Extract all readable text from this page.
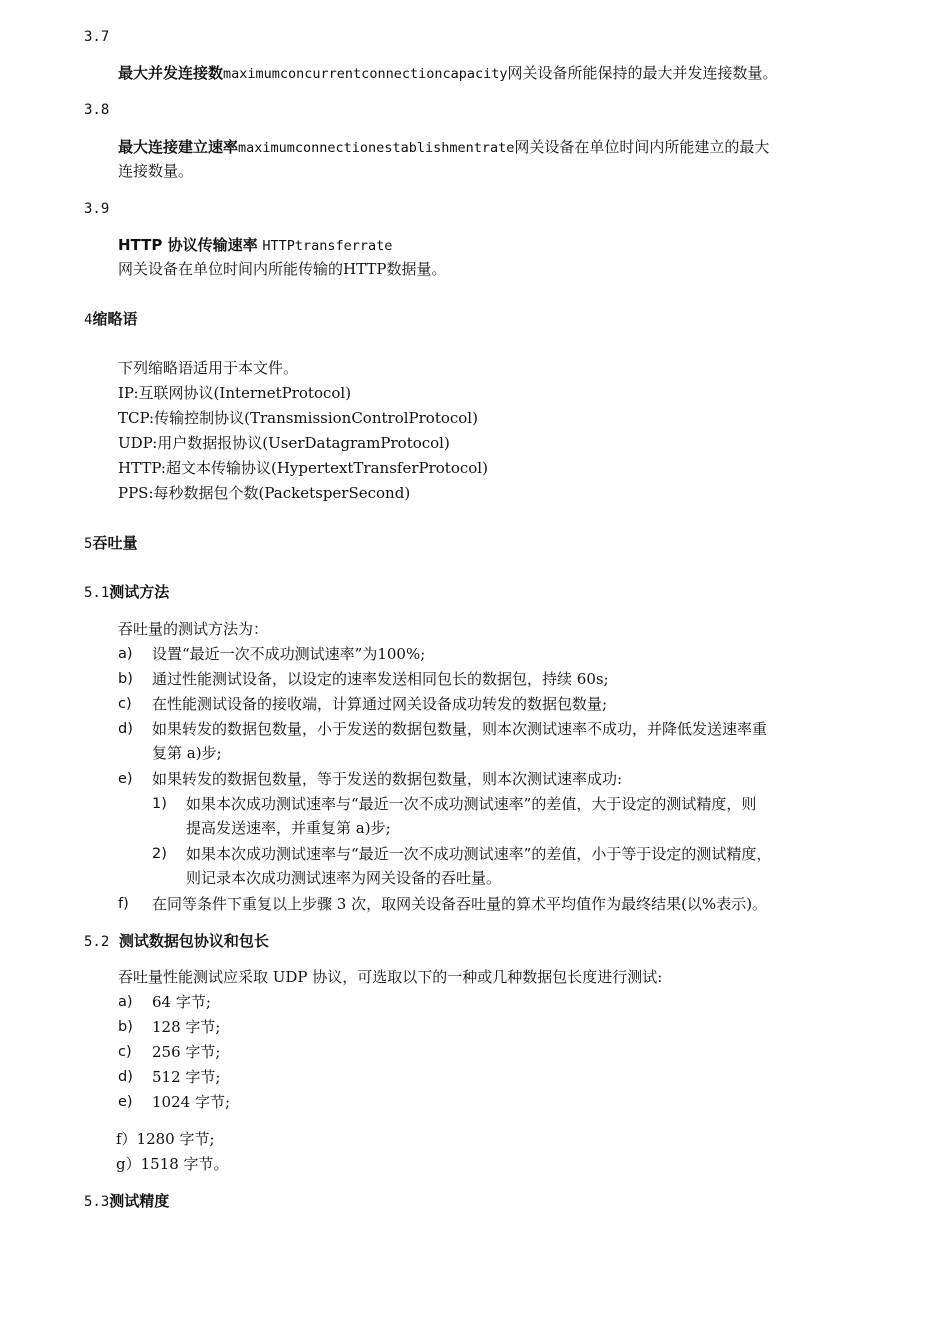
3.7
最大并发连接数maximumconcurrentconnectioncapacity网关设备所能保持的最大并发连接数量。
3.8
最大连接建立速率maximumconnectionestablishmentrate网关设备在单位时间内所能建立的最大
连接数量。
3.9
HTTP 协议传输速率 HTTPtransferrate
网关设备在单位时间内所能传输的HTTP数据量。
4缩略语
下列缩略语适用于本文件。
IP:互联网协议(InternetProtocol)
TCP:传输控制协议(TransmissionControlProtocol)
UDP:用户数据报协议(UserDatagramProtocol)
HTTP:超文本传输协议(HypertextTransferProtocol)
PPS:每秒数据包个数(PacketsperSecond)
5吞吐量
5.1测试方法
吞吐量的测试方法为：
a) 设置“最近一次不成功测试速率”为100%;
b) 通过性能测试设备，以设定的速率发送相同包长的数据包，持续 60s;
c) 在性能测试设备的接收端，计算通过网关设备成功转发的数据包数量;
d) 如果转发的数据包数量，小于发送的数据包数量，则本次测试速率不成功，并降低发送速率重
复第 a)步;
e) 如果转发的数据包数量，等于发送的数据包数量，则本次测试速率成功:
1) 如果本次成功测试速率与“最近一次不成功测试速率”的差值，大于设定的测试精度，则
提高发送速率，并重复第 a)步;
2) 如果本次成功测试速率与“最近一次不成功测试速率”的差值，小于等于设定的测试精度，
则记录本次成功测试速率为网关设备的吞吐量。
f) 在同等条件下重复以上步骤 3 次，取网关设备吞吐量的算术平均值作为最终结果(以%表示)。
5.2 测试数据包协议和包长
吞吐量性能测试应采取 UDP 协议，可选取以下的一种或几种数据包长度进行测试:
a) 64 字节;
b) 128 字节;
c) 256 字节;
d) 512 字节;
e) 1024 字节;
f）1280 字节;
g）1518 字节。
5.3测试精度
